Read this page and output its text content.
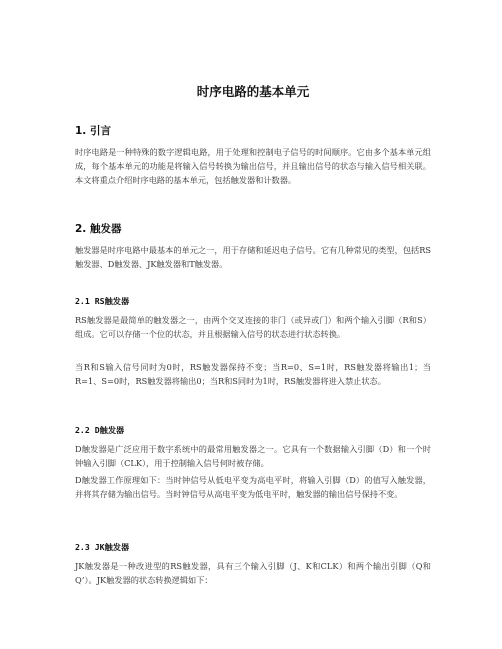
时序电路的基本单元
1. 引言

时序电路是一种特殊的数字逻辑电路，用于处理和控制电子信号的时间顺序。它由多个基本单元组成，每个基本单元的功能是将输入信号转换为输出信号，并且输出信号的状态与输入信号相关联。本文将重点介绍时序电路的基本单元，包括触发器和计数器。

2. 触发器

触发器是时序电路中最基本的单元之一，用于存储和延迟电子信号。它有几种常见的类型，包括RS触发器、D触发器、JK触发器和T触发器。

2.1 RS触发器

RS触发器是最简单的触发器之一，由两个交叉连接的非门（或异或门）和两个输入引脚（R和S）组成。它可以存储一个位的状态，并且根据输入信号的状态进行状态转换。

当R和S输入信号同时为0时，RS触发器保持不变；当R=0、S=1时，RS触发器将输出1；当R=1、S=0时，RS触发器将输出0；当R和S同时为1时，RS触发器将进入禁止状态。

2.2 D触发器

D触发器是广泛应用于数字系统中的最常用触发器之一。它具有一个数据输入引脚（D）和一个时钟输入引脚（CLK），用于控制输入信号何时被存储。

D触发器工作原理如下：当时钟信号从低电平变为高电平时，将输入引脚（D）的值写入触发器，并将其存储为输出信号。当时钟信号从高电平变为低电平时，触发器的输出信号保持不变。

2.3 JK触发器

JK触发器是一种改进型的RS触发器，具有三个输入引脚（J、K和CLK）和两个输出引脚（Q和Q’）。JK触发器的状态转换逻辑如下：
